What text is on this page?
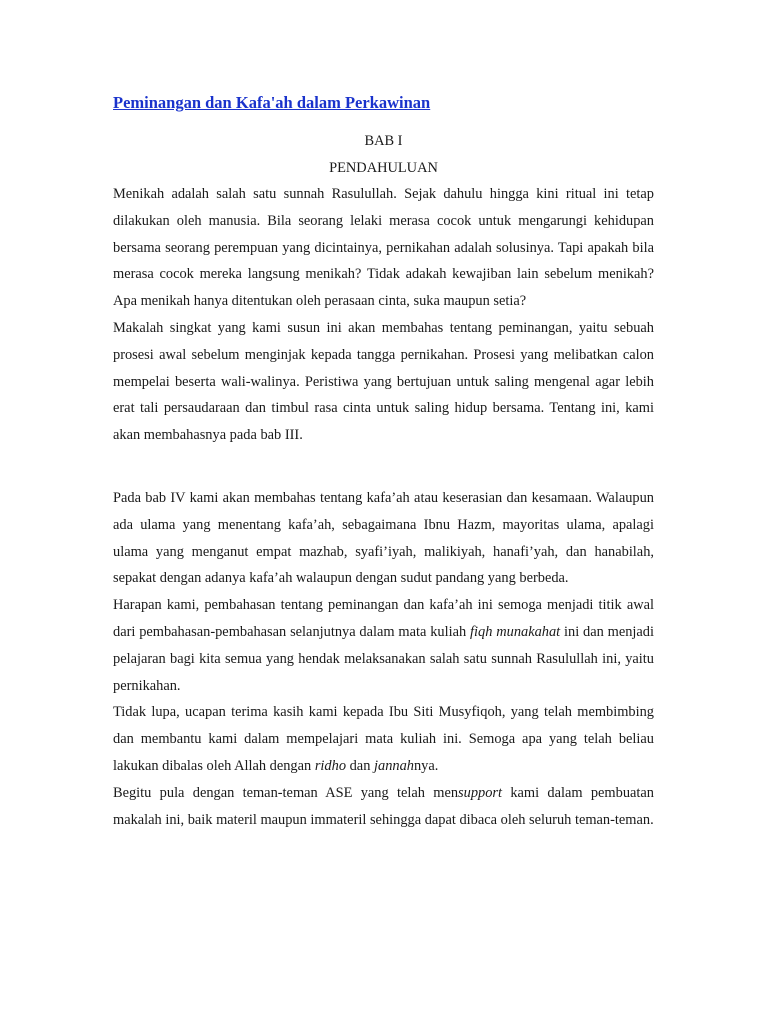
Peminangan dan Kafa'ah dalam Perkawinan
BAB I
PENDAHULUAN

Menikah adalah salah satu sunnah Rasulullah. Sejak dahulu hingga kini ritual ini tetap dilakukan oleh manusia. Bila seorang lelaki merasa cocok untuk mengarungi kehidupan bersama seorang perempuan yang dicintainya, pernikahan adalah solusinya. Tapi apakah bila merasa cocok mereka langsung menikah? Tidak adakah kewajiban lain sebelum menikah? Apa menikah hanya ditentukan oleh perasaan cinta, suka maupun setia?

Makalah singkat yang kami susun ini akan membahas tentang peminangan, yaitu sebuah prosesi awal sebelum menginjak kepada tangga pernikahan. Prosesi yang melibatkan calon mempelai beserta wali-walinya. Peristiwa yang bertujuan untuk saling mengenal agar lebih erat tali persaudaraan dan timbul rasa cinta untuk saling hidup bersama. Tentang ini, kami akan membahasnya pada bab III.

Pada bab IV kami akan membahas tentang kafa’ah atau keserasian dan kesamaan. Walaupun ada ulama yang menentang kafa’ah, sebagaimana Ibnu Hazm, mayoritas ulama, apalagi ulama yang menganut empat mazhab, syafi’iyah, malikiyah, hanafi’yah, dan hanabilah, sepakat dengan adanya kafa’ah walaupun dengan sudut pandang yang berbeda.

Harapan kami, pembahasan tentang peminangan dan kafa’ah ini semoga menjadi titik awal dari pembahasan-pembahasan selanjutnya dalam mata kuliah fiqh munakahat ini dan menjadi pelajaran bagi kita semua yang hendak melaksanakan salah satu sunnah Rasulullah ini, yaitu pernikahan.

Tidak lupa, ucapan terima kasih kami kepada Ibu Siti Musyfiqoh, yang telah membimbing dan membantu kami dalam mempelajari mata kuliah ini. Semoga apa yang telah beliau lakukan dibalas oleh Allah dengan ridho dan jannahnya.

Begitu pula dengan teman-teman ASE yang telah mensupport kami dalam pembuatan makalah ini, baik materil maupun immateril sehingga dapat dibaca oleh seluruh teman-teman.
